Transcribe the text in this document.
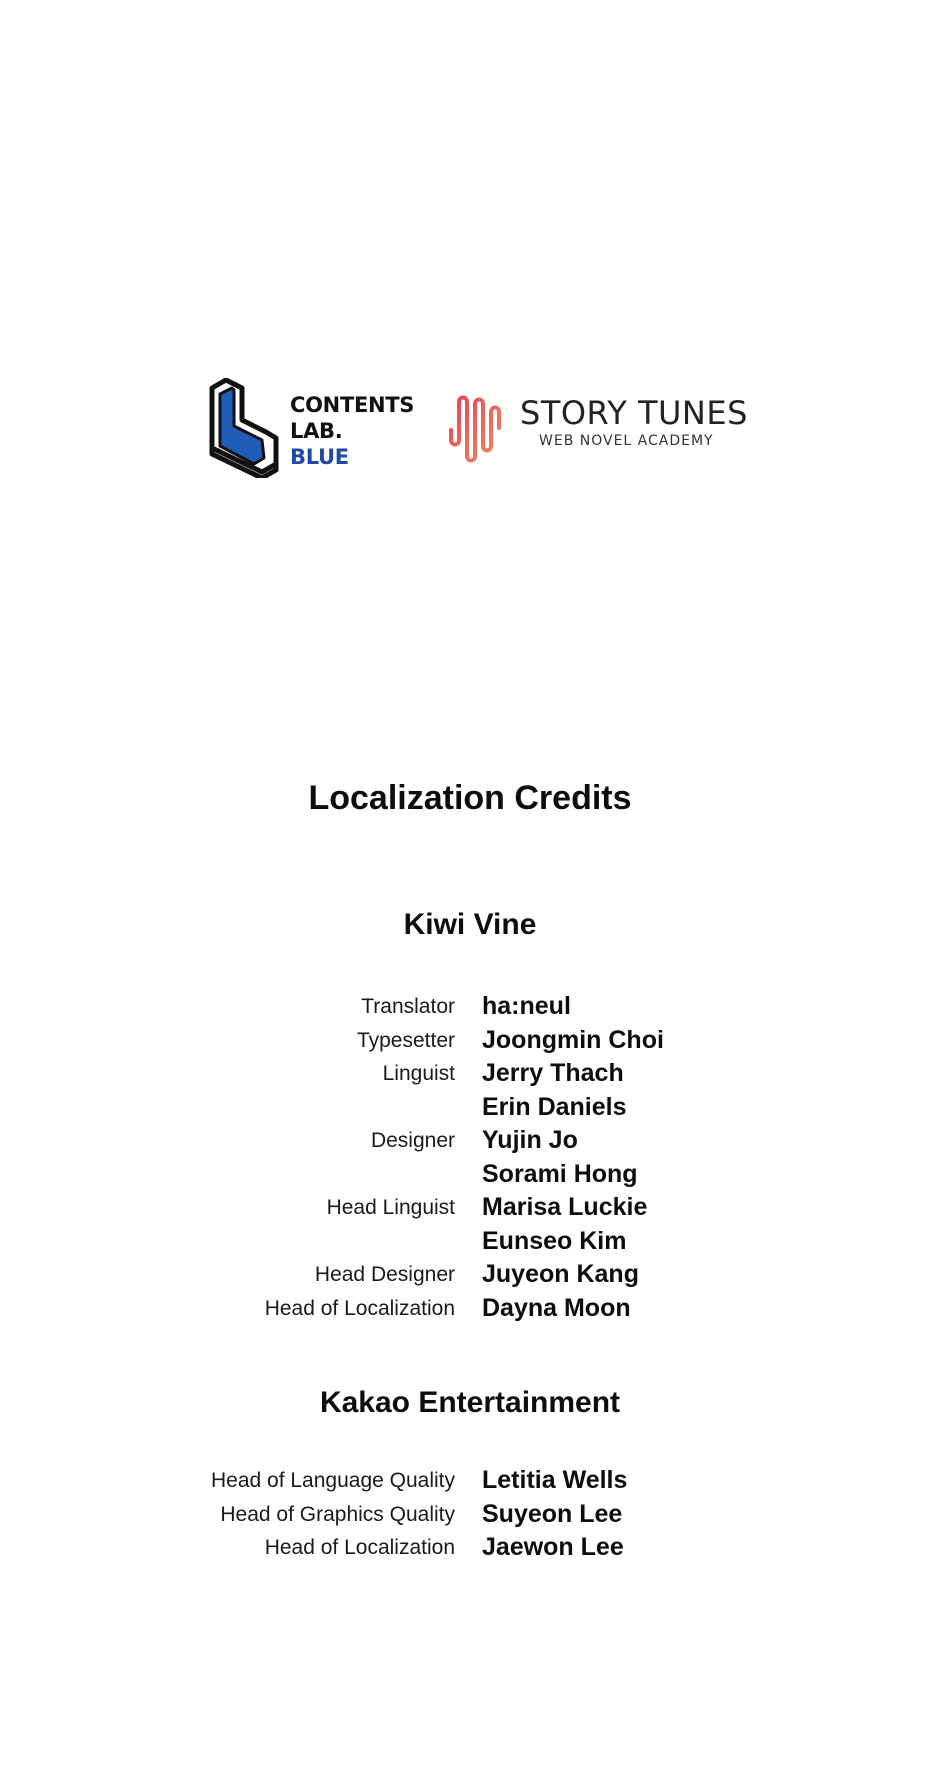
CONTENTS
LAB.
BLUE
STORY TUNES
WEB NOVEL ACADEMY
Localization Credits
Kiwi Vine
Translator ha:neul
Typesetter Joongmin Choi
Linguist Jerry Thach
Erin Daniels
Designer Yujin Jo
Sorami Hong
Head Linguist Marisa Luckie
Eunseo Kim
Head Designer Juyeon Kang
Head of Localization Dayna Moon
Kakao Entertainment
Head of Language Quality Letitia Wells
Head of Graphics Quality Suyeon Lee
Head of Localization Jaewon Lee
